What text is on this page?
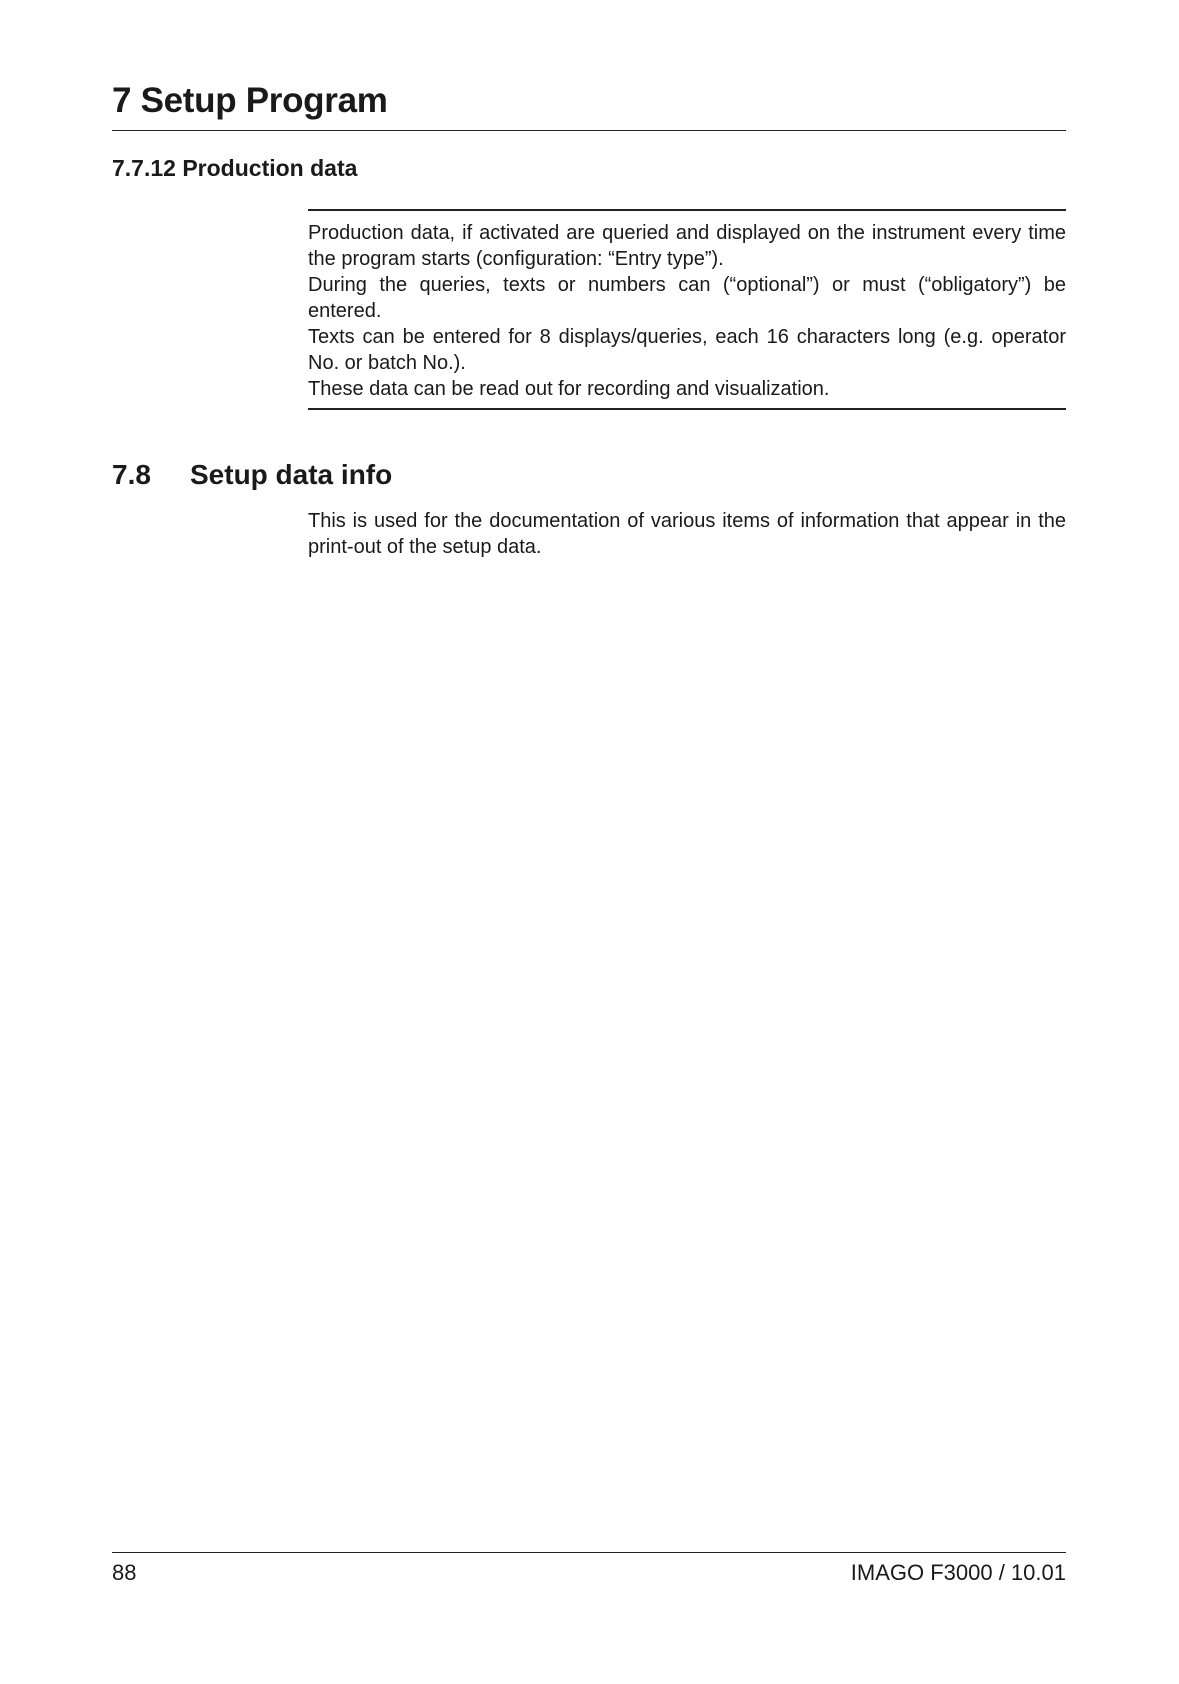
7 Setup Program
7.7.12 Production data

Production data, if activated are queried and displayed on the instrument every time the program starts (configuration: “Entry type”).

During the queries, texts or numbers can (“optional”) or must (“obligatory”) be entered.

Texts can be entered for 8 displays/queries, each 16 characters long (e.g. operator No. or batch No.).

These data can be read out for recording and visualization.

7.8 Setup data info

This is used for the documentation of various items of information that appear in the print-out of the setup data.

88	IMAGO F3000 / 10.01
